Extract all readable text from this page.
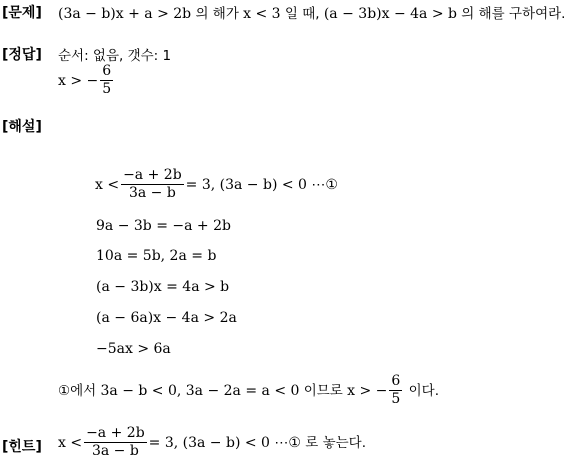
[문제] (3a − b)x + a > 2b 의 해가 x < 3 일 때, (a − 3b)x − 4a > b 의 해를 구하여라.
[정답] 순서: 없음, 갯수: 1
x > − $\frac{6}{5}$
[해설]
$x < \frac{-a + 2b}{3a - b} = 3$, (3a − b) < 0 ⋯①
9a − 3b = −a + 2b
10a = 5b, 2a = b
(a − 3b)x = 4a > b
(a − 6a)x − 4a > 2a
−5ax > 6a
①에서 3a − b < 0, 3a − 2a = a < 0 이므로 x > − $\frac{6}{5}$ 이다.
[힌트] $x < \frac{-a + 2b}{3a - b} = 3$, (3a − b) < 0 ⋯① 로 놓는다.
